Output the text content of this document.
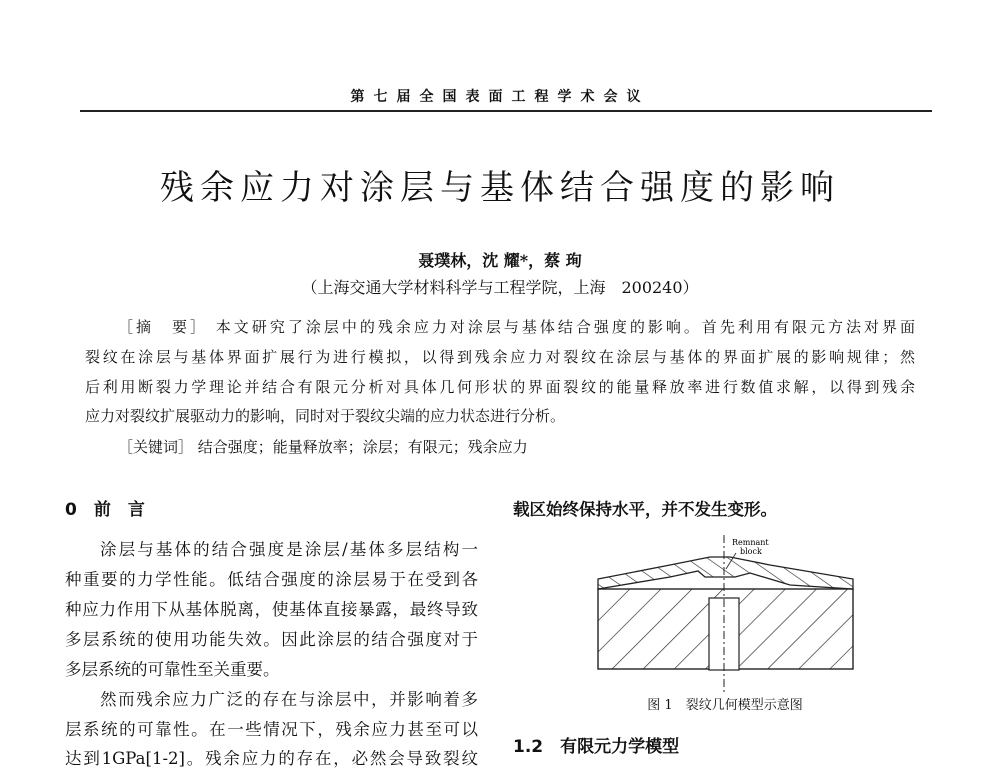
第七届全国表面工程学术会议
残余应力对涂层与基体结合强度的影响
聂璞林，沈 耀*，蔡 珣
（上海交通大学材料科学与工程学院，上海　200240）
［摘　要］ 本文研究了涂层中的残余应力对涂层与基体结合强度的影响。首先利用有限元方法对界面
裂纹在涂层与基体界面扩展行为进行模拟，以得到残余应力对裂纹在涂层与基体的界面扩展的影响规律；然
后利用断裂力学理论并结合有限元分析对具体几何形状的界面裂纹的能量释放率进行数值求解，以得到残余
应力对裂纹扩展驱动力的影响，同时对于裂纹尖端的应力状态进行分析。
［关键词］ 结合强度；能量释放率；涂层；有限元；残余应力
0　前　言
涂层与基体的结合强度是涂层/基体多层结构一
种重要的力学性能。低结合强度的涂层易于在受到各
种应力作用下从基体脱离，使基体直接暴露，最终导致
多层系统的使用功能失效。因此涂层的结合强度对于
多层系统的可靠性至关重要。
然而残余应力广泛的存在与涂层中，并影响着多
层系统的可靠性。在一些情况下，残余应力甚至可以
达到1GPa[1-2]。残余应力的存在，必然会导致裂纹
载区始终保持水平，并不发生变形。
Remnant
block
图 1　裂纹几何模型示意图
1.2　有限元力学模型
